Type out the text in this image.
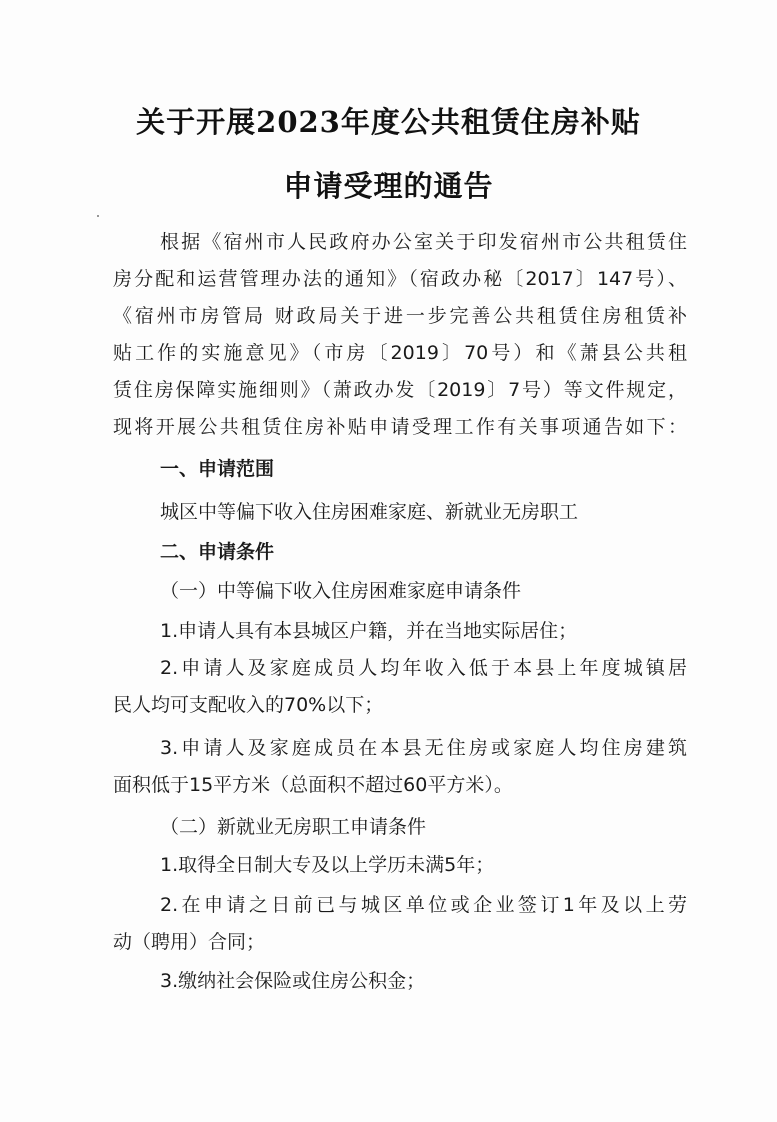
关于开展2023年度公共租赁住房补贴
申请受理的通告
根据《宿州市人民政府办公室关于印发宿州市公共租赁住
房分配和运营管理办法的通知》（宿政办秘〔2017〕147号）、
《宿州市房管局 财政局关于进一步完善公共租赁住房租赁补
贴工作的实施意见》（市房〔2019〕70号）和《萧县公共租
赁住房保障实施细则》（萧政办发〔2019〕7号）等文件规定，
现将开展公共租赁住房补贴申请受理工作有关事项通告如下：
一、申请范围
城区中等偏下收入住房困难家庭、新就业无房职工
二、申请条件
（一）中等偏下收入住房困难家庭申请条件
1.申请人具有本县城区户籍，并在当地实际居住；
2.申请人及家庭成员人均年收入低于本县上年度城镇居
民人均可支配收入的70%以下；
3.申请人及家庭成员在本县无住房或家庭人均住房建筑
面积低于15平方米（总面积不超过60平方米）。
（二）新就业无房职工申请条件
1.取得全日制大专及以上学历未满5年；
2.在申请之日前已与城区单位或企业签订1年及以上劳
动（聘用）合同；
3.缴纳社会保险或住房公积金；
